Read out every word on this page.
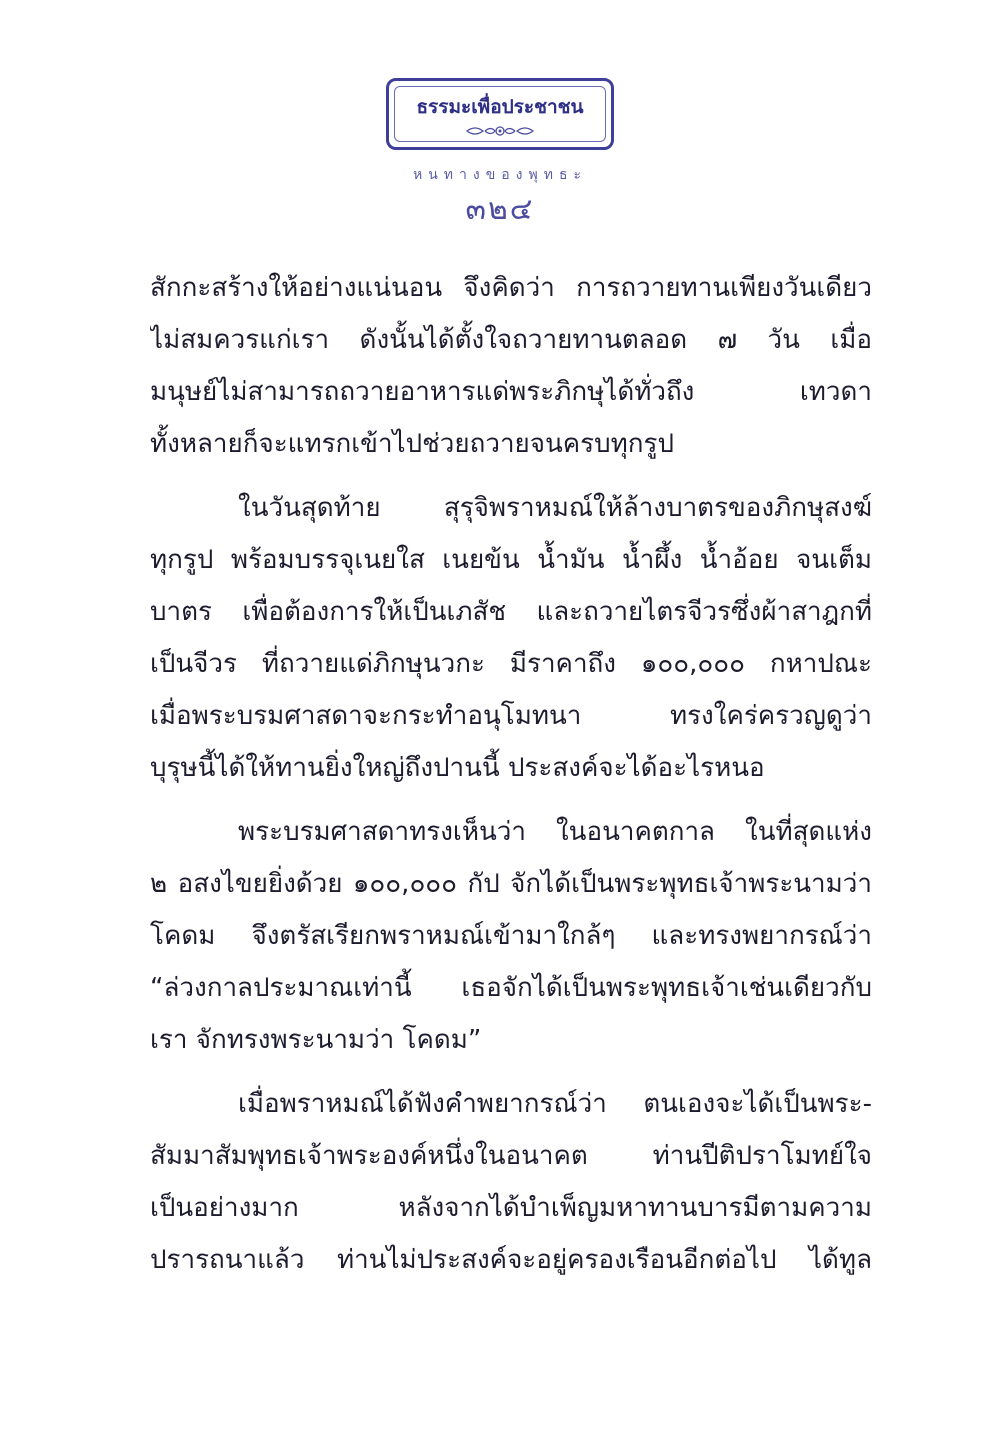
ธรรมะเพื่อประชาชน
หนทางของพุทธะ
๓๒๔
สักกะสร้างให้อย่างแน่นอน จึงคิดว่า การถวายทานเพียงวันเดียว
ไม่สมควรแก่เรา ดังนั้นได้ตั้งใจถวายทานตลอด ๗ วัน เมื่อ
มนุษย์ไม่สามารถถวายอาหารแด่พระภิกษุได้ทั่วถึง เทวดา
ทั้งหลายก็จะแทรกเข้าไปช่วยถวายจนครบทุกรูป
ในวันสุดท้าย สุรุจิพราหมณ์ให้ล้างบาตรของภิกษุสงฆ์
ทุกรูป พร้อมบรรจุเนยใส เนยข้น น้ำมัน น้ำผึ้ง น้ำอ้อย จนเต็ม
บาตร เพื่อต้องการให้เป็นเภสัช และถวายไตรจีวรซึ่งผ้าสาฎกที่
เป็นจีวร ที่ถวายแด่ภิกษุนวกะ มีราคาถึง ๑๐๐,๐๐๐ กหาปณะ
เมื่อพระบรมศาสดาจะกระทำอนุโมทนา ทรงใคร่ครวญดูว่า
บุรุษนี้ได้ให้ทานยิ่งใหญ่ถึงปานนี้ ประสงค์จะได้อะไรหนอ
พระบรมศาสดาทรงเห็นว่า ในอนาคตกาล ในที่สุดแห่ง
๒ อสงไขยยิ่งด้วย ๑๐๐,๐๐๐ กัป จักได้เป็นพระพุทธเจ้าพระนามว่า
โคดม จึงตรัสเรียกพราหมณ์เข้ามาใกล้ๆ และทรงพยากรณ์ว่า
“ล่วงกาลประมาณเท่านี้ เธอจักได้เป็นพระพุทธเจ้าเช่นเดียวกับ
เรา จักทรงพระนามว่า โคดม”
เมื่อพราหมณ์ได้ฟังคำพยากรณ์ว่า ตนเองจะได้เป็นพระ-
สัมมาสัมพุทธเจ้าพระองค์หนึ่งในอนาคต ท่านปีติปราโมทย์ใจ
เป็นอย่างมาก หลังจากได้บำเพ็ญมหาทานบารมีตามความ
ปรารถนาแล้ว ท่านไม่ประสงค์จะอยู่ครองเรือนอีกต่อไป ได้ทูล
